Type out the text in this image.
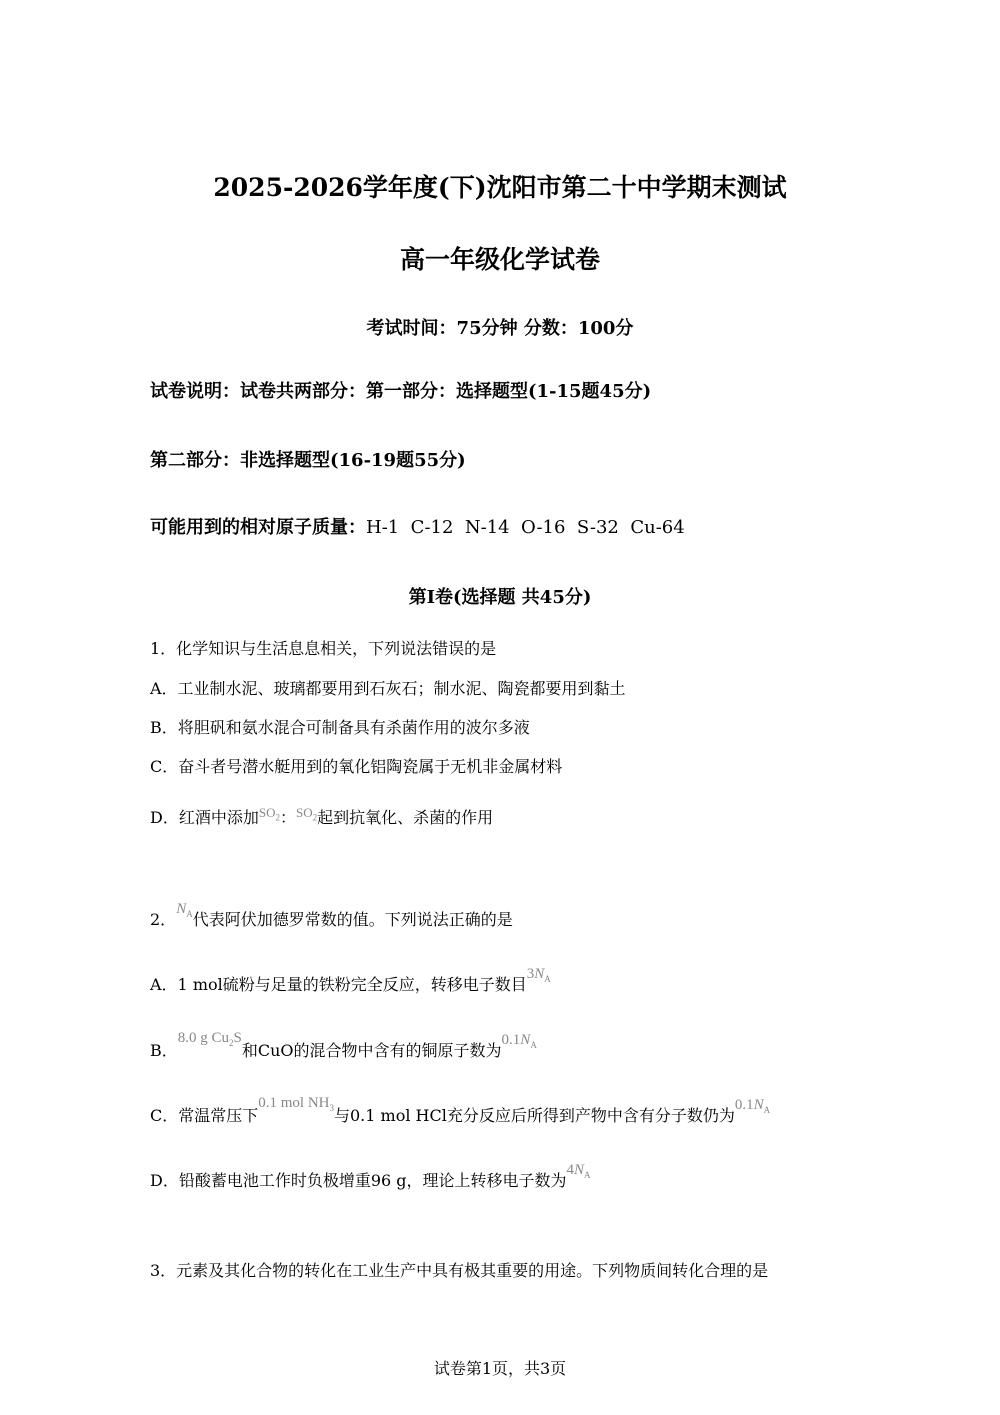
2025-2026学年度(下)沈阳市第二十中学期末测试
高一年级化学试卷
考试时间：75分钟 分数：100分
试卷说明：试卷共两部分：第一部分：选择题型(1-15题45分)
第二部分：非选择题型(16-19题55分)
可能用到的相对原子质量：H-1  C-12  N-14  O-16  S-32  Cu-64
第Ⅰ卷(选择题 共45分)
1．化学知识与生活息息相关，下列说法错误的是
A．工业制水泥、玻璃都要用到石灰石；制水泥、陶瓷都要用到黏土
B．将胆矾和氨水混合可制备具有杀菌作用的波尔多液
C．奋斗者号潜水艇用到的氧化铝陶瓷属于无机非金属材料
D．红酒中添加$^{SO_2}$：$^{SO_2}$起到抗氧化、杀菌的作用
2．$N_A$代表阿伏加德罗常数的值。下列说法正确的是
A．1 mol硫粉与足量的铁粉完全反应，转移电子数目$3N_A$
B．8.0 g $Cu_2S$和CuO的混合物中含有的铜原子数为$0.1N_A$
C．常温常压下0.1 mol $NH_3$与0.1 mol HCl充分反应后所得到产物中含有分子数仍为$0.1N_A$
D．铅酸蓄电池工作时负极增重96 g，理论上转移电子数为$4N_A$
3．元素及其化合物的转化在工业生产中具有极其重要的用途。下列物质间转化合理的是
试卷第1页，共3页
